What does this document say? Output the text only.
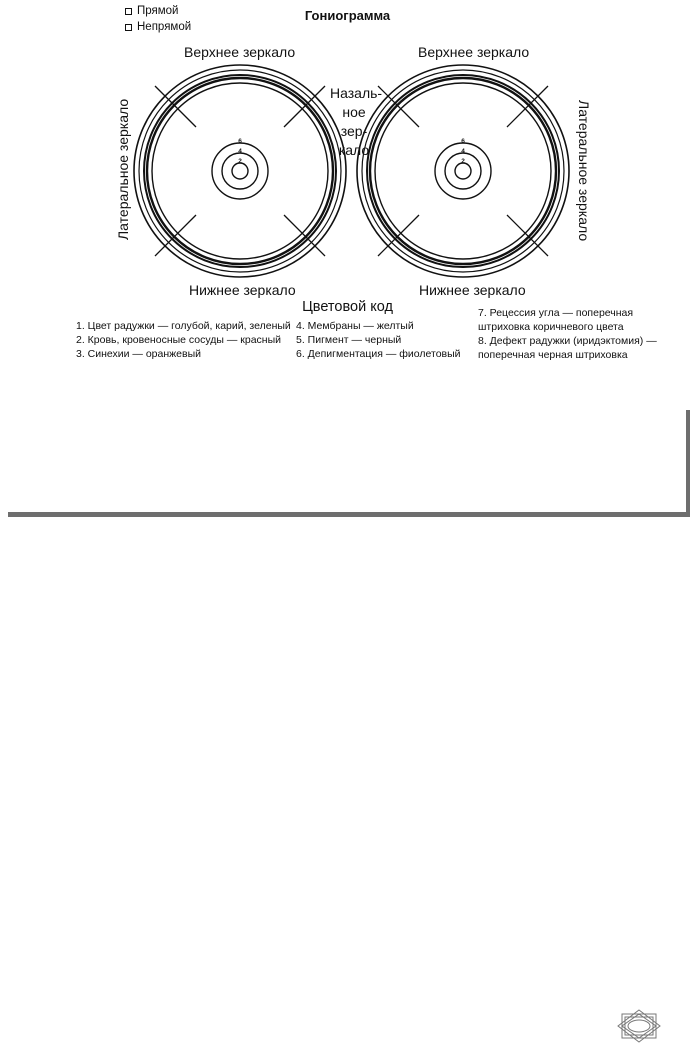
Прямой
Непрямой
Гониограмма
6
4
2
6
4
2
Верхнее зеркало	Верхнее зеркало
Нижнее зеркало	Нижнее зеркало
Латеральное зеркало	Латеральное зеркало
Назаль-
ное зер-
кало
Цветовой код
1. Цвет радужки — голубой, карий, зеленый
2. Кровь, кровеносные сосуды — красный
3. Синехии — оранжевый
4. Мембраны — желтый
5. Пигмент — черный
6. Депигментация — фиолетовый
7. Рецессия угла — поперечная
штриховка коричневого цвета
8. Дефект радужки (иридэктомия) —
поперечная черная штриховка
